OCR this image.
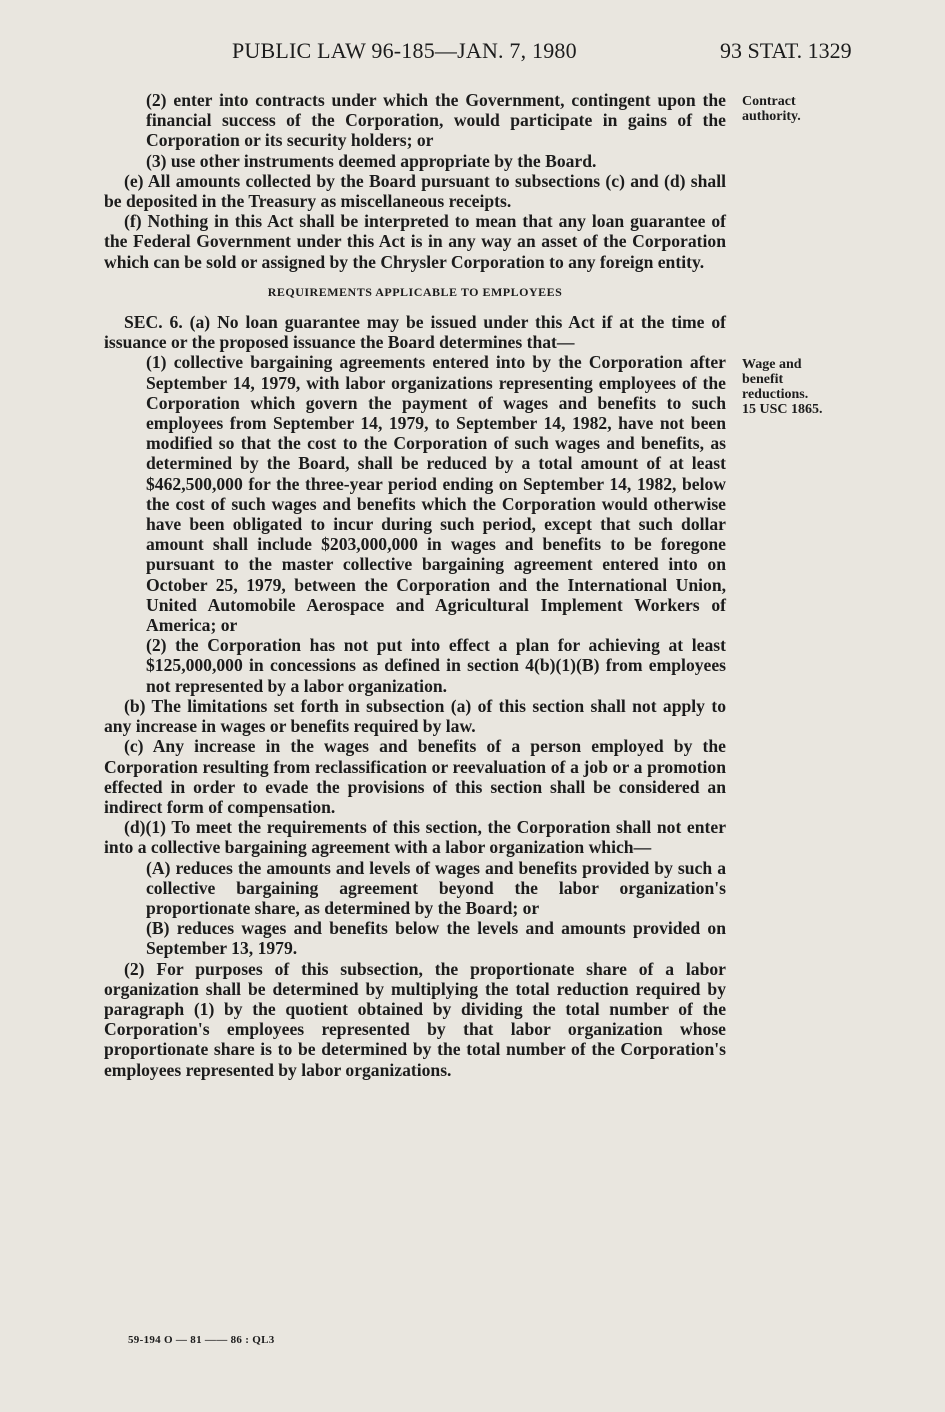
PUBLIC LAW 96-185—JAN. 7, 1980	93 STAT. 1329

(2) enter into contracts under which the Government, contingent upon the financial success of the Corporation, would participate in gains of the Corporation or its security holders; or

(3) use other instruments deemed appropriate by the Board.

(e) All amounts collected by the Board pursuant to subsections (c) and (d) shall be deposited in the Treasury as miscellaneous receipts.

(f) Nothing in this Act shall be interpreted to mean that any loan guarantee of the Federal Government under this Act is in any way an asset of the Corporation which can be sold or assigned by the Chrysler Corporation to any foreign entity.

REQUIREMENTS APPLICABLE TO EMPLOYEES

SEC. 6. (a) No loan guarantee may be issued under this Act if at the time of issuance or the proposed issuance the Board determines that—

(1) collective bargaining agreements entered into by the Corporation after September 14, 1979, with labor organizations representing employees of the Corporation which govern the payment of wages and benefits to such employees from September 14, 1979, to September 14, 1982, have not been modified so that the cost to the Corporation of such wages and benefits, as determined by the Board, shall be reduced by a total amount of at least $462,500,000 for the three-year period ending on September 14, 1982, below the cost of such wages and benefits which the Corporation would otherwise have been obligated to incur during such period, except that such dollar amount shall include $203,000,000 in wages and benefits to be foregone pursuant to the master collective bargaining agreement entered into on October 25, 1979, between the Corporation and the International Union, United Automobile Aerospace and Agricultural Implement Workers of America; or

(2) the Corporation has not put into effect a plan for achieving at least $125,000,000 in concessions as defined in section 4(b)(1)(B) from employees not represented by a labor organization.

(b) The limitations set forth in subsection (a) of this section shall not apply to any increase in wages or benefits required by law.

(c) Any increase in the wages and benefits of a person employed by the Corporation resulting from reclassification or reevaluation of a job or a promotion effected in order to evade the provisions of this section shall be considered an indirect form of compensation.

(d)(1) To meet the requirements of this section, the Corporation shall not enter into a collective bargaining agreement with a labor organization which—

(A) reduces the amounts and levels of wages and benefits provided by such a collective bargaining agreement beyond the labor organization's proportionate share, as determined by the Board; or

(B) reduces wages and benefits below the levels and amounts provided on September 13, 1979.

(2) For purposes of this subsection, the proportionate share of a labor organization shall be determined by multiplying the total reduction required by paragraph (1) by the quotient obtained by dividing the total number of the Corporation's employees represented by that labor organization whose proportionate share is to be determined by the total number of the Corporation's employees represented by labor organizations.

Contract
authority.
Wage and
benefit
reductions.
15 USC 1865.
59-194 O — 81 —— 86 : QL3
